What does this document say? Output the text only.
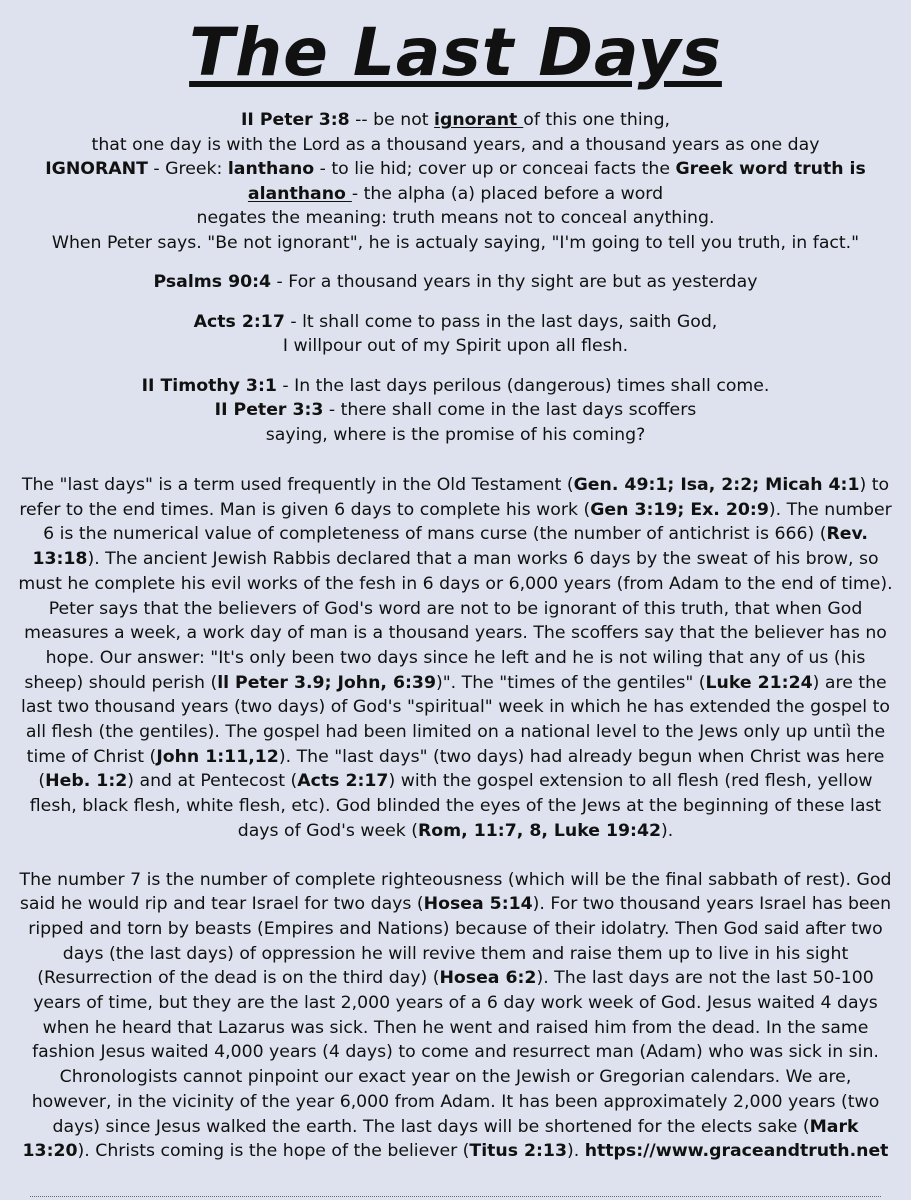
The Last Days

II Peter 3:8 -- be not ignorant of this one thing,

that one day is with the Lord as a thousand years, and a thousand years as one day

IGNORANT - Greek: lanthano - to lie hid; cover up or conceai facts the Greek word truth is

alanthano - the alpha (a) placed before a word

negates the meaning: truth means not to conceal anything.

When Peter says. "Be not ignorant", he is actualy saying, "I'm going to tell you truth, in fact."

Psalms 90:4 - For a thousand years in thy sight are but as yesterday

Acts 2:17 - lt shall come to pass in the last days, saith God,

I willpour out of my Spirit upon all flesh.

II Timothy 3:1 - In the last days perilous (dangerous) times shall come.

II Peter 3:3 - there shall come in the last days scoffers

saying, where is the promise of his coming?

The "last days" is a term used frequently in the Old Testament (Gen. 49:1; Isa, 2:2; Micah 4:1) to refer to the end times. Man is given 6 days to complete his work (Gen 3:19; Ex. 20:9). The number 6 is the numerical value of completeness of mans curse (the number of antichrist is 666) (Rev. 13:18). The ancient Jewish Rabbis declared that a man works 6 days by the sweat of his brow, so must he complete his evil works of the fesh in 6 days or 6,000 years (from Adam to the end of time). Peter says that the believers of God's word are not to be ignorant of this truth, that when God measures a week, a work day of man is a thousand years. The scoffers say that the believer has no hope. Our answer: "It's only been two days since he left and he is not wiling that any of us (his sheep) should perish (ll Peter 3.9; John, 6:39)". The "times of the gentiles" (Luke 21:24) are the last two thousand years (two days) of God's "spiritual" week in which he has extended the gospel to all flesh (the gentiles). The gospel had been limited on a national level to the Jews only up untiì the time of Christ (John 1:11,12). The "last days" (two days) had already begun when Christ was here (Heb. 1:2) and at Pentecost (Acts 2:17) with the gospel extension to all flesh (red flesh, yellow flesh, black flesh, white flesh, etc). God blinded the eyes of the Jews at the beginning of these last days of God's week (Rom, 11:7, 8, Luke 19:42).

The number 7 is the number of complete righteousness (which will be the final sabbath of rest). God said he would rip and tear Israel for two days (Hosea 5:14). For two thousand years Israel has been ripped and torn by beasts (Empires and Nations) because of their idolatry. Then God said after two days (the last days) of oppression he will revive them and raise them up to live in his sight (Resurrection of the dead is on the third day) (Hosea 6:2). The last days are not the last 50-100 years of time, but they are the last 2,000 years of a 6 day work week of God. Jesus waited 4 days when he heard that Lazarus was sick. Then he went and raised him from the dead. In the same fashion Jesus waited 4,000 years (4 days) to come and resurrect man (Adam) who was sick in sin. Chronologists cannot pinpoint our exact year on the Jewish or Gregorian calendars. We are, however, in the vicinity of the year 6,000 from Adam. It has been approximately 2,000 years (two days) since Jesus walked the earth. The last days will be shortened for the elects sake (Mark 13:20). Christs coming is the hope of the believer (Titus 2:13). https://www.graceandtruth.net
